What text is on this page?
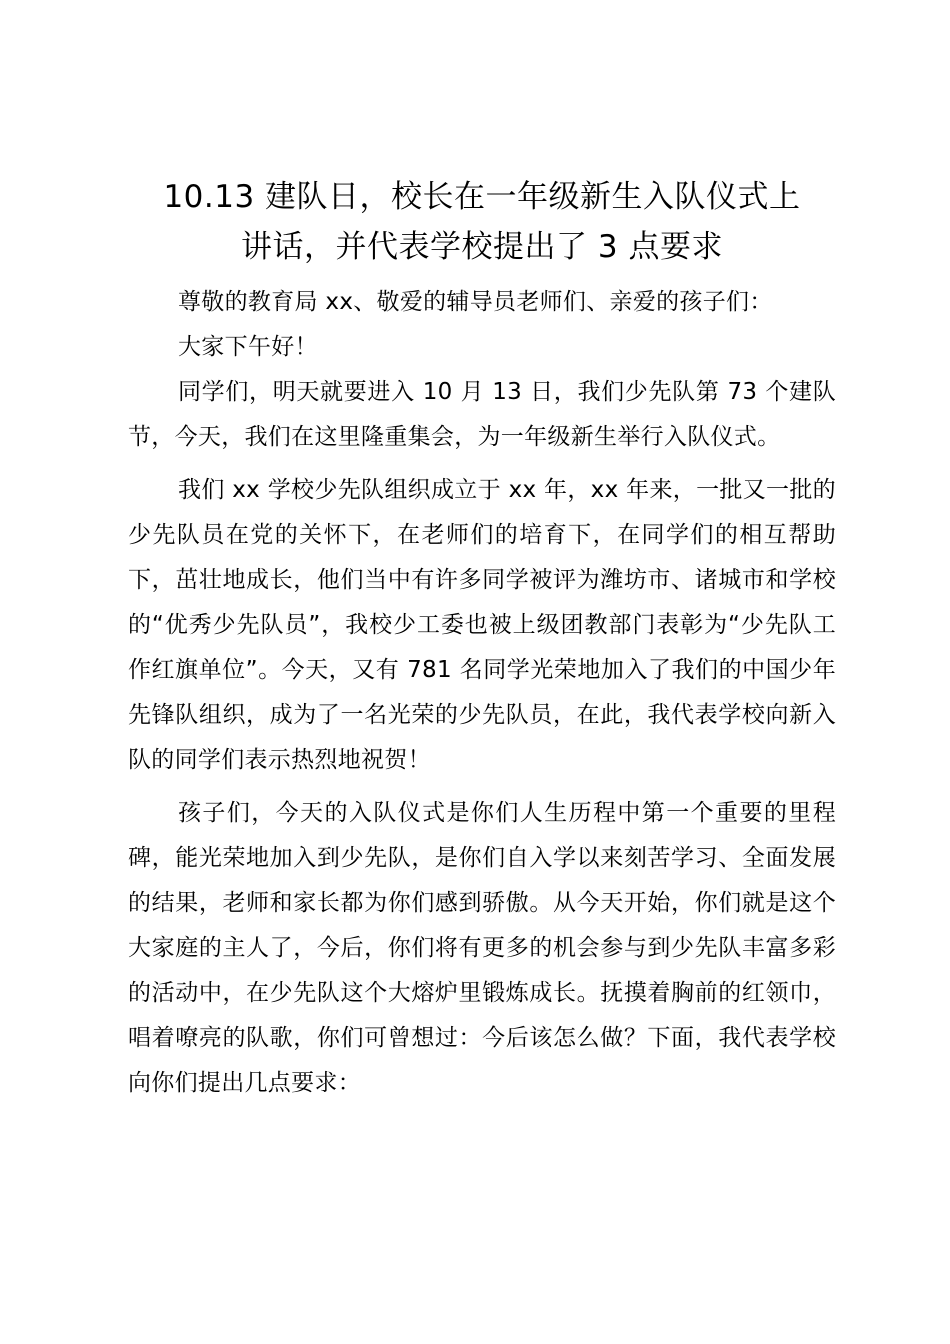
10.13 建队日，校长在一年级新生入队仪式上
讲话，并代表学校提出了 3 点要求

尊敬的教育局 xx、敬爱的辅导员老师们、亲爱的孩子们：

大家下午好！

同学们，明天就要进入 10 月 13 日，我们少先队第 73 个建队节，今天，我们在这里隆重集会，为一年级新生举行入队仪式。

我们 xx 学校少先队组织成立于 xx 年，xx 年来，一批又一批的少先队员在党的关怀下，在老师们的培育下，在同学们的相互帮助下，茁壮地成长，他们当中有许多同学被评为潍坊市、诸城市和学校的“优秀少先队员”，我校少工委也被上级团教部门表彰为“少先队工作红旗单位”。今天，又有 781 名同学光荣地加入了我们的中国少年先锋队组织，成为了一名光荣的少先队员，在此，我代表学校向新入队的同学们表示热烈地祝贺！

孩子们，今天的入队仪式是你们人生历程中第一个重要的里程碑，能光荣地加入到少先队，是你们自入学以来刻苦学习、全面发展的结果，老师和家长都为你们感到骄傲。从今天开始，你们就是这个大家庭的主人了，今后，你们将有更多的机会参与到少先队丰富多彩的活动中，在少先队这个大熔炉里锻炼成长。抚摸着胸前的红领巾，唱着嘹亮的队歌，你们可曾想过：今后该怎么做？下面，我代表学校向你们提出几点要求：
